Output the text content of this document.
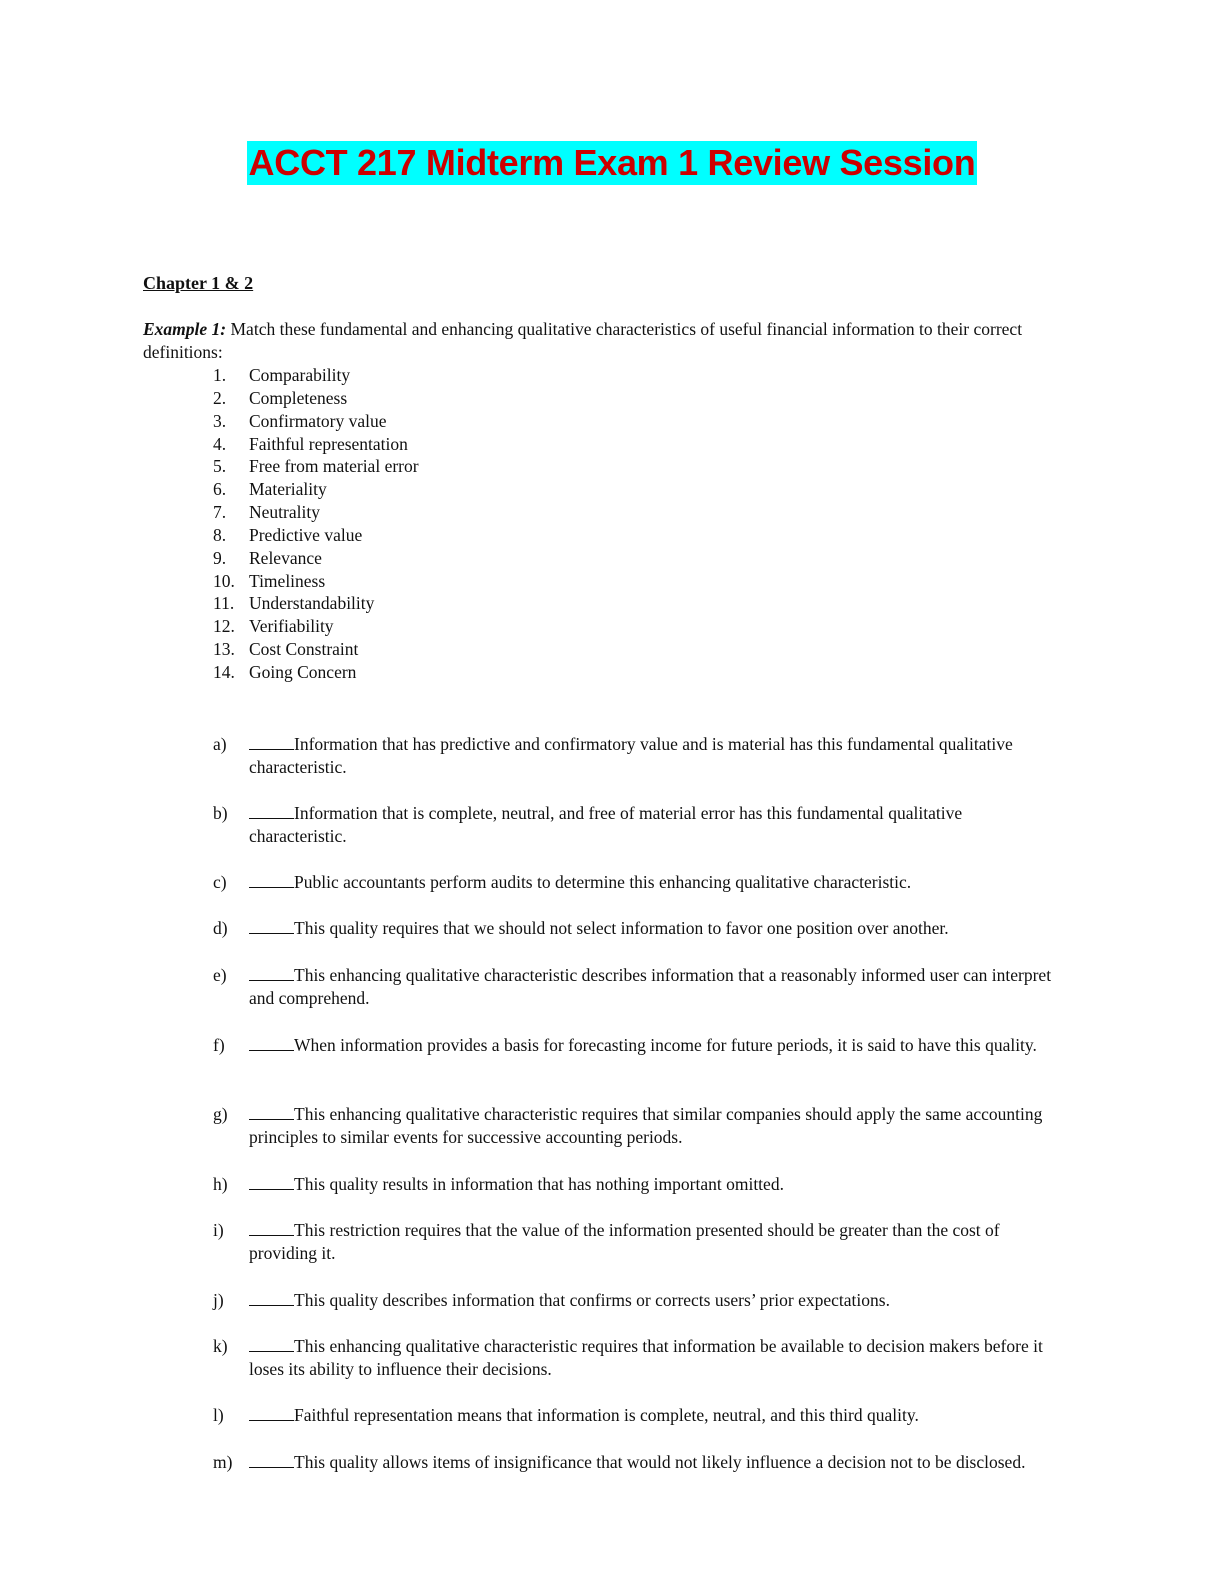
ACCT 217 Midterm Exam 1 Review Session
Chapter 1 & 2
Example 1: Match these fundamental and enhancing qualitative characteristics of useful financial information to their correct definitions:
1.	Comparability
2.	Completeness
3.	Confirmatory value
4.	Faithful representation
5.	Free from material error
6.	Materiality
7.	Neutrality
8.	Predictive value
9.	Relevance
10. Timeliness
11. Understandability
12. Verifiability
13. Cost Constraint
14. Going Concern
a)	Information that has predictive and confirmatory value and is material has this fundamental qualitative characteristic.
b)	Information that is complete, neutral, and free of material error has this fundamental qualitative characteristic.
c)	Public accountants perform audits to determine this enhancing qualitative characteristic.
d)	This quality requires that we should not select information to favor one position over another.
e)	This enhancing qualitative characteristic describes information that a reasonably informed user can interpret and comprehend.
f)	When information provides a basis for forecasting income for future periods, it is said to have this quality.
g)	This enhancing qualitative characteristic requires that similar companies should apply the same accounting principles to similar events for successive accounting periods.
h)	This quality results in information that has nothing important omitted.
i)	This restriction requires that the value of the information presented should be greater than the cost of providing it.
j)	This quality describes information that confirms or corrects users’ prior expectations.
k)	This enhancing qualitative characteristic requires that information be available to decision makers before it loses its ability to influence their decisions.
l)	Faithful representation means that information is complete, neutral, and this third quality.
m)	This quality allows items of insignificance that would not likely influence a decision not to be disclosed.
